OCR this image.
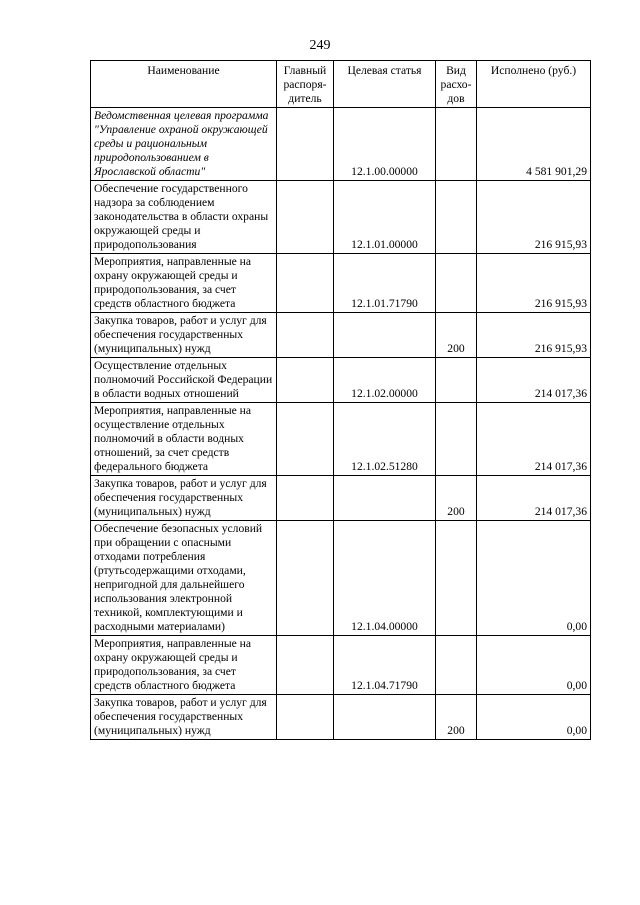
249
Наименование	Главный распоря-дитель	Целевая статья	Вид расхо-дов	Исполнено (руб.)
Ведомственная целевая программа "Управление охраной окружающей среды и рациональным природопользованием в Ярославской области"		12.1.00.00000		4 581 901,29
Обеспечение государственного надзора за соблюдением законодательства в области охраны окружающей среды и природопользования		12.1.01.00000		216 915,93
Мероприятия, направленные на охрану окружающей среды и природопользования, за счет средств областного бюджета		12.1.01.71790		216 915,93
Закупка товаров, работ и услуг для обеспечения государственных (муниципальных) нужд			200	216 915,93
Осуществление отдельных полномочий Российской Федерации в области водных отношений		12.1.02.00000		214 017,36
Мероприятия, направленные на осуществление отдельных полномочий в области водных отношений, за счет средств федерального бюджета		12.1.02.51280		214 017,36
Закупка товаров, работ и услуг для обеспечения государственных (муниципальных) нужд			200	214 017,36
Обеспечение безопасных условий при обращении с опасными отходами потребления (ртутьсодержащими отходами, непригодной для дальнейшего использования электронной техникой, комплектующими и расходными материалами)		12.1.04.00000		0,00
Мероприятия, направленные на охрану окружающей среды и природопользования, за счет средств областного бюджета		12.1.04.71790		0,00
Закупка товаров, работ и услуг для обеспечения государственных (муниципальных) нужд			200	0,00
